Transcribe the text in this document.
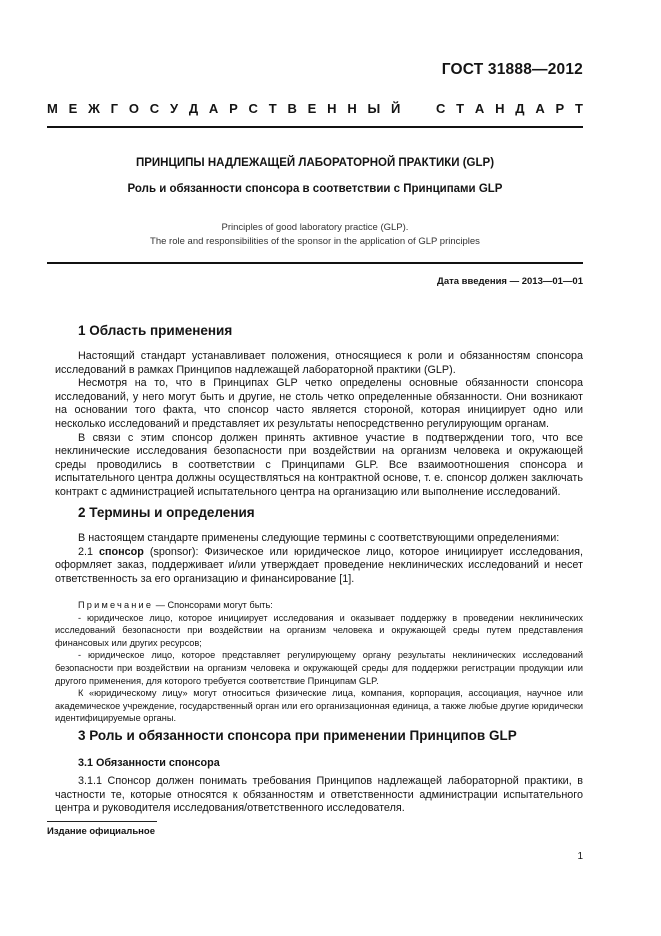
ГОСТ 31888—2012
М Е Ж Г О С У Д А Р С Т В Е Н Н Ы Й	С Т А Н Д А Р Т
ПРИНЦИПЫ НАДЛЕЖАЩЕЙ ЛАБОРАТОРНОЙ ПРАКТИКИ (GLP)
Роль и обязанности спонсора в соответствии с Принципами GLP
Principles of good laboratory practice (GLP).
The role and responsibilities of the sponsor in the application of GLP principles
Дата введения — 2013—01—01
1 Область применения

Настоящий стандарт устанавливает положения, относящиеся к роли и обязанностям спонсора исследований в рамках Принципов надлежащей лабораторной практики (GLP).

Несмотря на то, что в Принципах GLP четко определены основные обязанности спонсора исследований, у него могут быть и другие, не столь четко определенные обязанности. Они возникают на основании того факта, что спонсор часто является стороной, которая инициирует одно или несколько исследований и представляет их результаты непосредственно регулирующим органам.

В связи с этим спонсор должен принять активное участие в подтверждении того, что все неклинические исследования безопасности при воздействии на организм человека и окружающей среды проводились в соответствии с Принципами GLP. Все взаимоотношения спонсора и испытательного центра должны осуществляться на контрактной основе, т. е. спонсор должен заключать контракт с администрацией испытательного центра на организацию или выполнение исследований.

2 Термины и определения

В настоящем стандарте применены следующие термины с соответствующими определениями:

2.1 спонсор (sponsor): Физическое или юридическое лицо, которое инициирует исследования, оформляет заказ, поддерживает и/или утверждает проведение неклинических исследований и несет ответственность за его организацию и финансирование [1].

Примечание — Спонсорами могут быть:

- юридическое лицо, которое инициирует исследования и оказывает поддержку в проведении неклинических исследований безопасности при воздействии на организм человека и окружающей среды путем представления финансовых или других ресурсов;

- юридическое лицо, которое представляет регулирующему органу результаты неклинических исследований безопасности при воздействии на организм человека и окружающей среды для поддержки регистрации продукции или другого применения, для которого требуется соответствие Принципам GLP.

К «юридическому лицу» могут относиться физические лица, компания, корпорация, ассоциация, научное или академическое учреждение, государственный орган или его организационная единица, а также любые другие юридически идентифицируемые органы.

3 Роль и обязанности спонсора при применении Принципов GLP
3.1 Обязанности спонсора

3.1.1 Спонсор должен понимать требования Принципов надлежащей лабораторной практики, в частности те, которые относятся к обязанностям и ответственности администрации испытательного центра и руководителя исследования/ответственного исследователя.

Издание официальное
1
